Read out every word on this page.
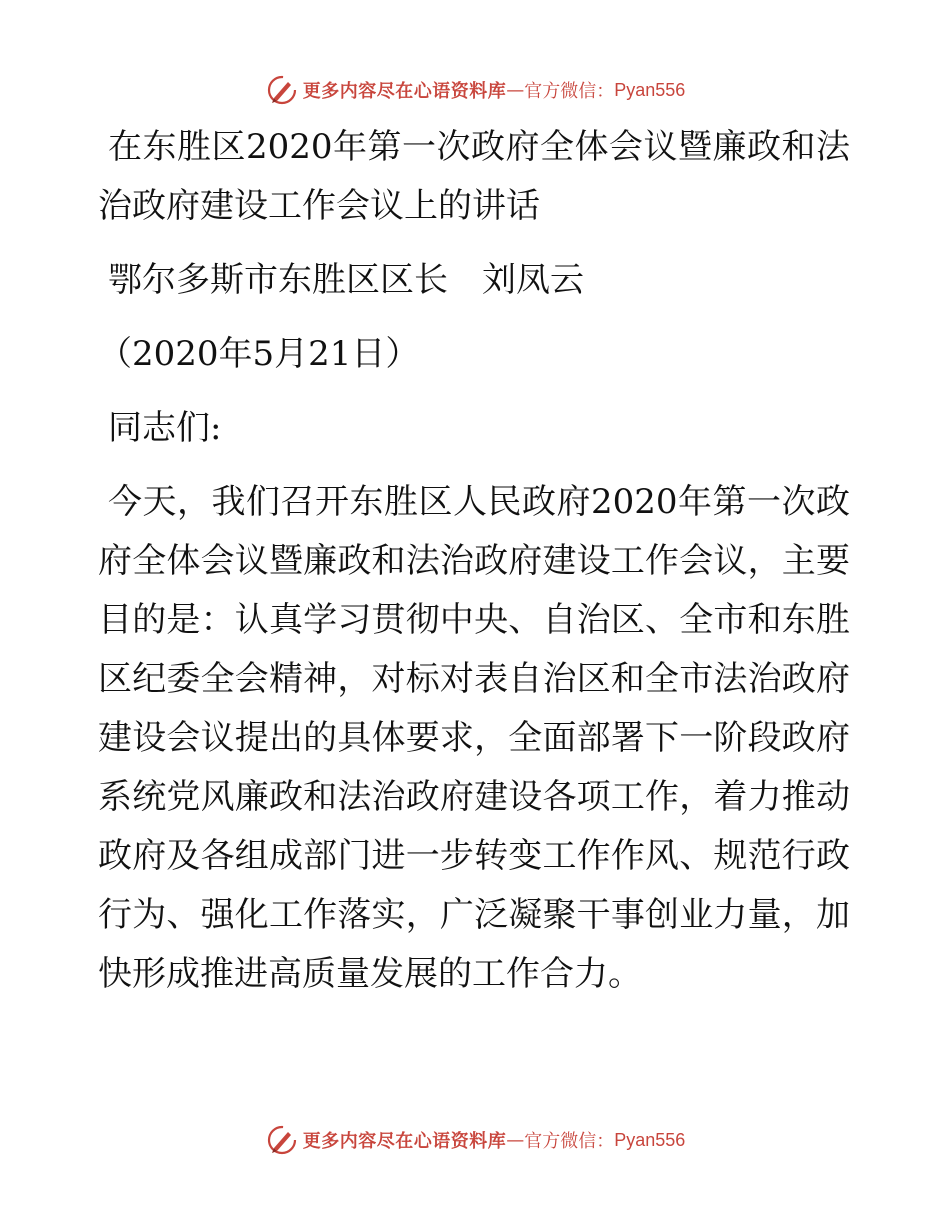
更多内容尽在心语资料库 — 官方微信： Pyan556
在东胜区2020年第一次政府全体会议暨廉政和法
治政府建设工作会议上的讲话
鄂尔多斯市东胜区区长　刘凤云
（2020年5月21日）
同志们:
今天，我们召开东胜区人民政府2020年第一次政
府全体会议暨廉政和法治政府建设工作会议，主要
目的是：认真学习贯彻中央、自治区、全市和东胜
区纪委全会精神，对标对表自治区和全市法治政府
建设会议提出的具体要求，全面部署下一阶段政府
系统党风廉政和法治政府建设各项工作，着力推动
政府及各组成部门进一步转变工作作风、规范行政
行为、强化工作落实，广泛凝聚干事创业力量，加
快形成推进高质量发展的工作合力。
更多内容尽在心语资料库 — 官方微信： Pyan556
